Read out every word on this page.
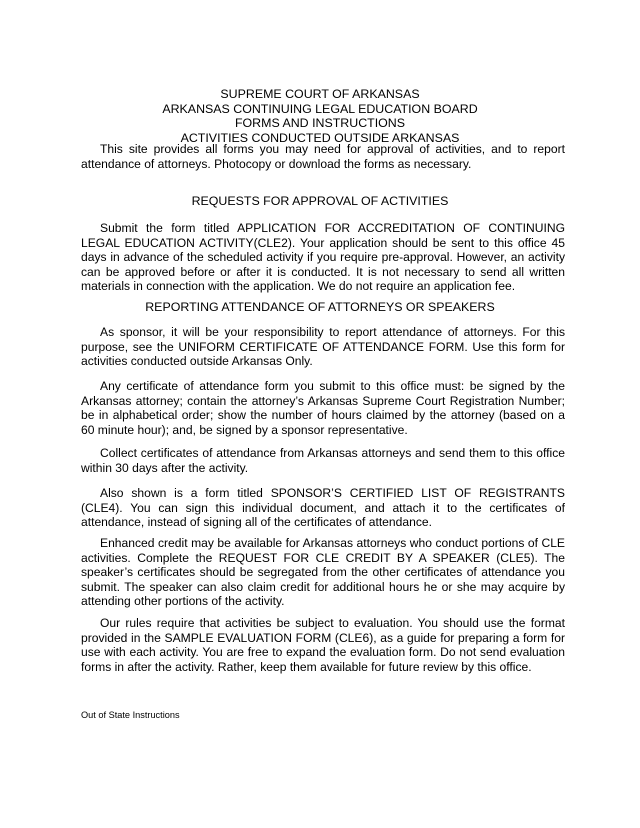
SUPREME COURT OF ARKANSAS
ARKANSAS CONTINUING LEGAL EDUCATION BOARD
FORMS AND INSTRUCTIONS
ACTIVITIES CONDUCTED OUTSIDE ARKANSAS

This site provides all forms you may need for approval of activities, and to report attendance of attorneys. Photocopy or download the forms as necessary.

REQUESTS FOR APPROVAL OF ACTIVITIES

Submit the form titled APPLICATION FOR ACCREDITATION OF CONTINUING LEGAL EDUCATION ACTIVITY(CLE2). Your application should be sent to this office 45 days in advance of the scheduled activity if you require pre-approval. However, an activity can be approved before or after it is conducted. It is not necessary to send all written materials in connection with the application. We do not require an application fee.

REPORTING ATTENDANCE OF ATTORNEYS OR SPEAKERS

As sponsor, it will be your responsibility to report attendance of attorneys. For this purpose, see the UNIFORM CERTIFICATE OF ATTENDANCE FORM. Use this form for activities conducted outside Arkansas Only.

Any certificate of attendance form you submit to this office must: be signed by the Arkansas attorney; contain the attorney’s Arkansas Supreme Court Registration Number; be in alphabetical order; show the number of hours claimed by the attorney (based on a 60 minute hour); and, be signed by a sponsor representative.

Collect certificates of attendance from Arkansas attorneys and send them to this office within 30 days after the activity.

Also shown is a form titled SPONSOR’S CERTIFIED LIST OF REGISTRANTS (CLE4). You can sign this individual document, and attach it to the certificates of attendance, instead of signing all of the certificates of attendance.

Enhanced credit may be available for Arkansas attorneys who conduct portions of CLE activities. Complete the REQUEST FOR CLE CREDIT BY A SPEAKER (CLE5). The speaker’s certificates should be segregated from the other certificates of attendance you submit. The speaker can also claim credit for additional hours he or she may acquire by attending other portions of the activity.

Our rules require that activities be subject to evaluation. You should use the format provided in the SAMPLE EVALUATION FORM (CLE6), as a guide for preparing a form for use with each activity. You are free to expand the evaluation form. Do not send evaluation forms in after the activity. Rather, keep them available for future review by this office.

Out of State Instructions
